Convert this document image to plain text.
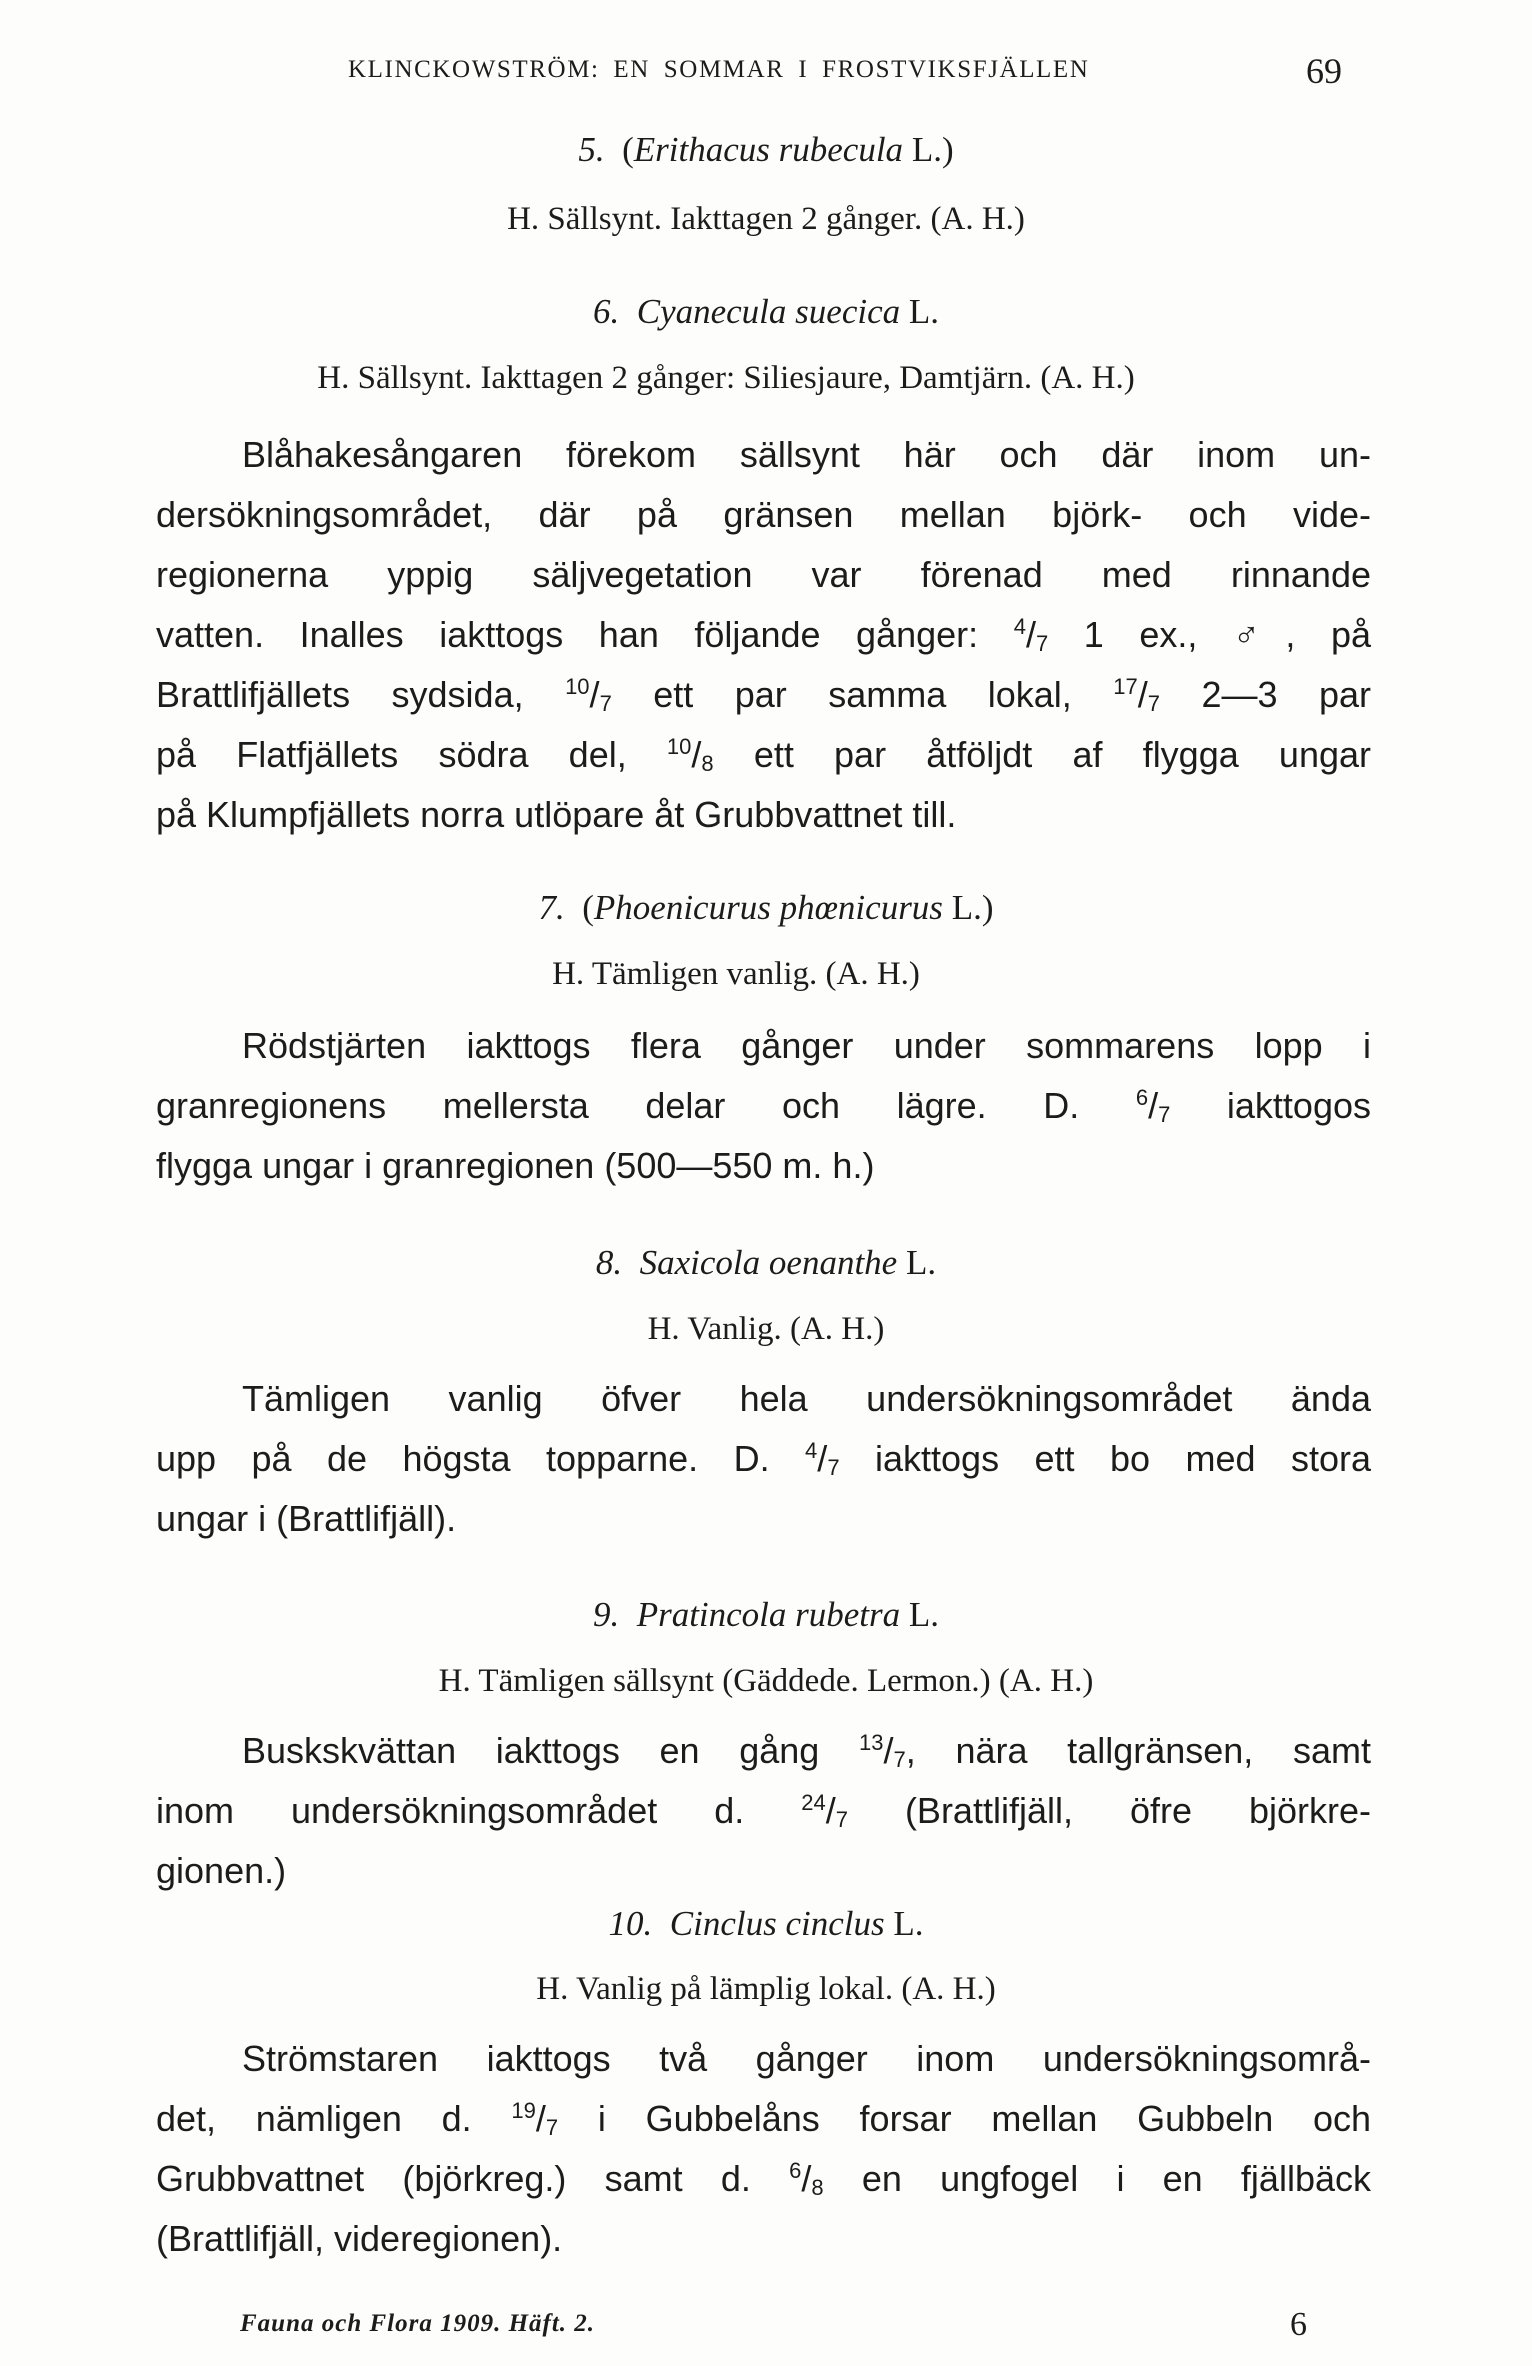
KLINCKOWSTRÖM: EN SOMMAR I FROSTVIKSFJÄLLEN	69
5. (Erithacus rubecula L.)
H. Sällsynt. Iakttagen 2 gånger. (A. H.)
6. Cyanecula suecica L.
H. Sällsynt. Iakttagen 2 gånger: Siliesjaure, Damtjärn. (A. H.)
Blåhakesångaren förekom sällsynt här och där inom un-
dersökningsområdet, där på gränsen mellan björk- och vide-
regionerna yppig säljvegetation var förenad med rinnande
vatten. Inalles iakttogs han följande gånger: $^4/_7$ 1 ex., ♂, på
Brattlifjällets sydsida, $^{10}/_7$ ett par samma lokal, $^{17}/_7$ 2—3 par
på Flatfjällets södra del, $^{10}/_8$ ett par åtföljdt af flygga ungar
på Klumpfjällets norra utlöpare åt Grubbvattnet till.
7. (Phoenicurus phœnicurus L.)
H. Tämligen vanlig. (A. H.)
Rödstjärten iakttogs flera gånger under sommarens lopp i
granregionens mellersta delar och lägre. D. $^6/_7$ iakttogos
flygga ungar i granregionen (500—550 m. h.)
8. Saxicola oenanthe L.
H. Vanlig. (A. H.)
Tämligen vanlig öfver hela undersökningsområdet ända
upp på de högsta topparne. D. $^4/_7$ iakttogs ett bo med stora
ungar i (Brattlifjäll).
9. Pratincola rubetra L.
H. Tämligen sällsynt (Gäddede. Lermon.) (A. H.)
Buskskvättan iakttogs en gång $^{13}/_7$, nära tallgränsen, samt
inom undersökningsområdet d. $^{24}/_7$ (Brattlifjäll, öfre björkre-
gionen.)
10. Cinclus cinclus L.
H. Vanlig på lämplig lokal. (A. H.)
Strömstaren iakttogs två gånger inom undersökningsområ-
det, nämligen d. $^{19}/_7$ i Gubbelåns forsar mellan Gubbeln och
Grubbvattnet (björkreg.) samt d. $^6/_8$ en ungfogel i en fjällbäck
(Brattlifjäll, videregionen).
Fauna och Flora 1909. Häft. 2.	6
